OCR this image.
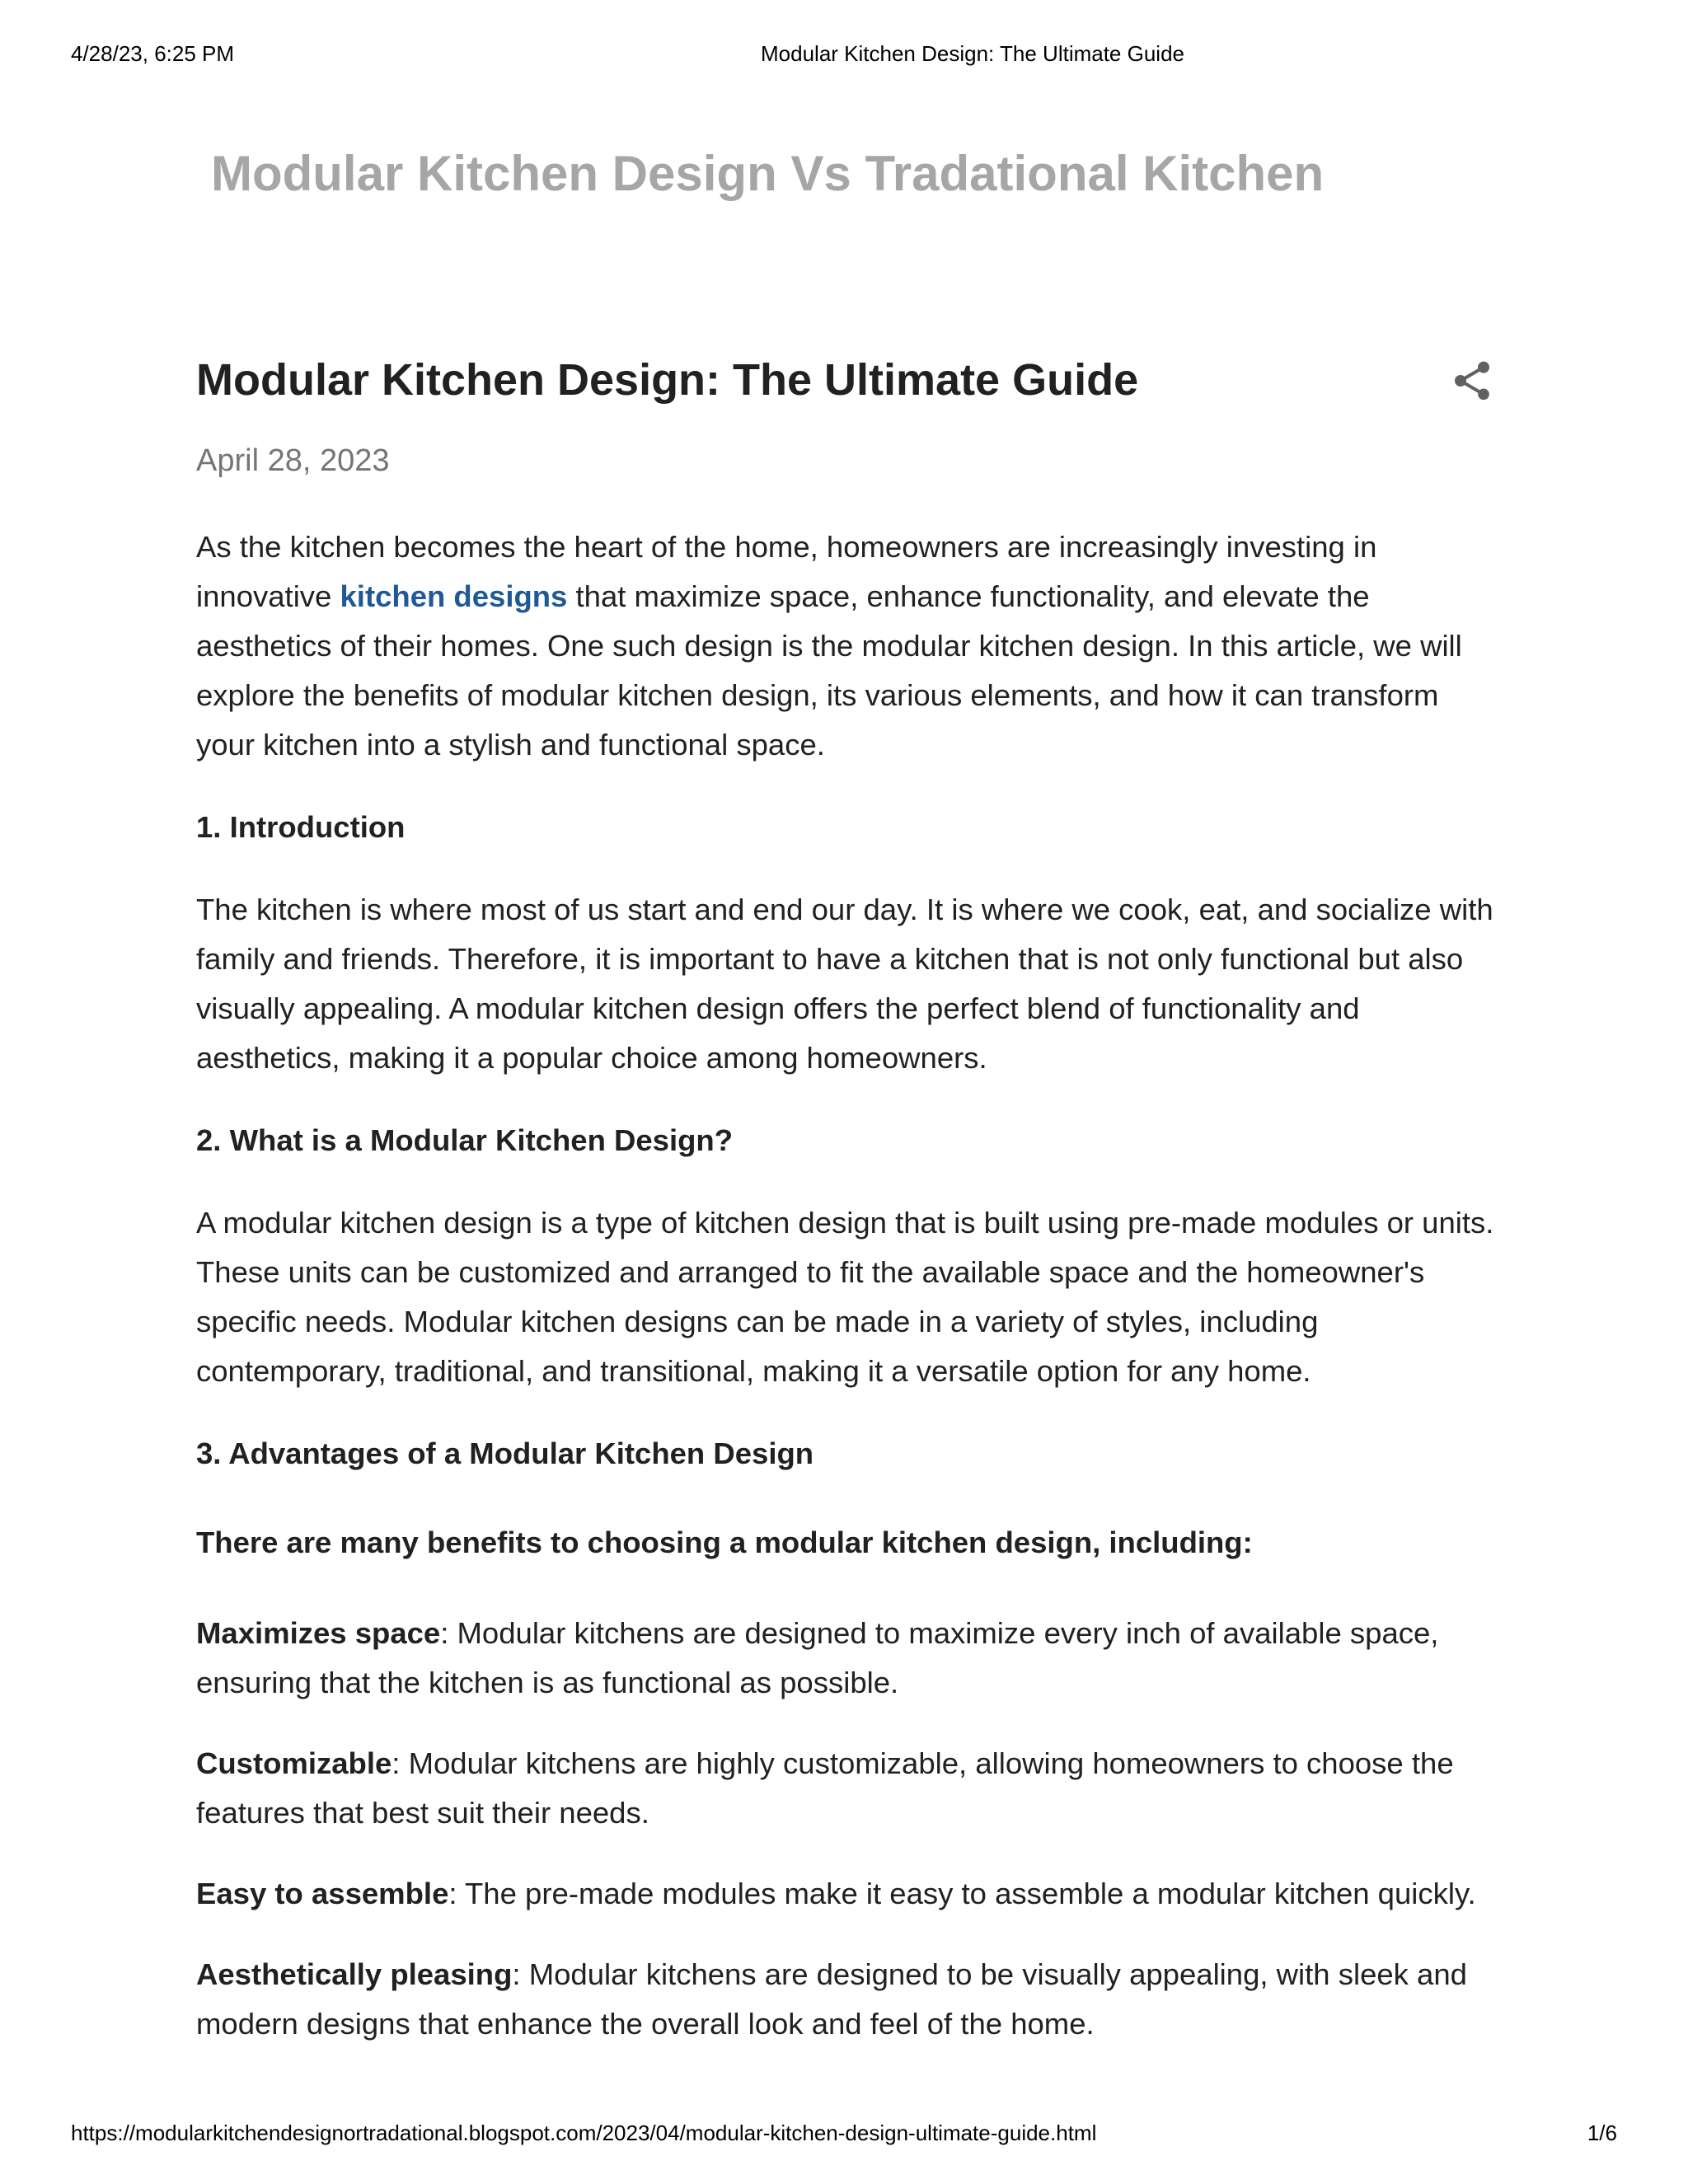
4/28/23, 6:25 PM	Modular Kitchen Design: The Ultimate Guide
Modular Kitchen Design Vs Tradational Kitchen
Modular Kitchen Design: The Ultimate Guide
April 28, 2023

As the kitchen becomes the heart of the home, homeowners are increasingly investing in innovative kitchen designs that maximize space, enhance functionality, and elevate the aesthetics of their homes. One such design is the modular kitchen design. In this article, we will explore the benefits of modular kitchen design, its various elements, and how it can transform your kitchen into a stylish and functional space.

1. Introduction

The kitchen is where most of us start and end our day. It is where we cook, eat, and socialize with family and friends. Therefore, it is important to have a kitchen that is not only functional but also visually appealing. A modular kitchen design offers the perfect blend of functionality and aesthetics, making it a popular choice among homeowners.

2. What is a Modular Kitchen Design?

A modular kitchen design is a type of kitchen design that is built using pre-made modules or units. These units can be customized and arranged to fit the available space and the homeowner's specific needs. Modular kitchen designs can be made in a variety of styles, including contemporary, traditional, and transitional, making it a versatile option for any home.

3. Advantages of a Modular Kitchen Design

There are many benefits to choosing a modular kitchen design, including:

Maximizes space: Modular kitchens are designed to maximize every inch of available space, ensuring that the kitchen is as functional as possible.

Customizable: Modular kitchens are highly customizable, allowing homeowners to choose the features that best suit their needs.

Easy to assemble: The pre-made modules make it easy to assemble a modular kitchen quickly.

Aesthetically pleasing: Modular kitchens are designed to be visually appealing, with sleek and modern designs that enhance the overall look and feel of the home.

https://modularkitchendesignortradational.blogspot.com/2023/04/modular-kitchen-design-ultimate-guide.html	1/6
